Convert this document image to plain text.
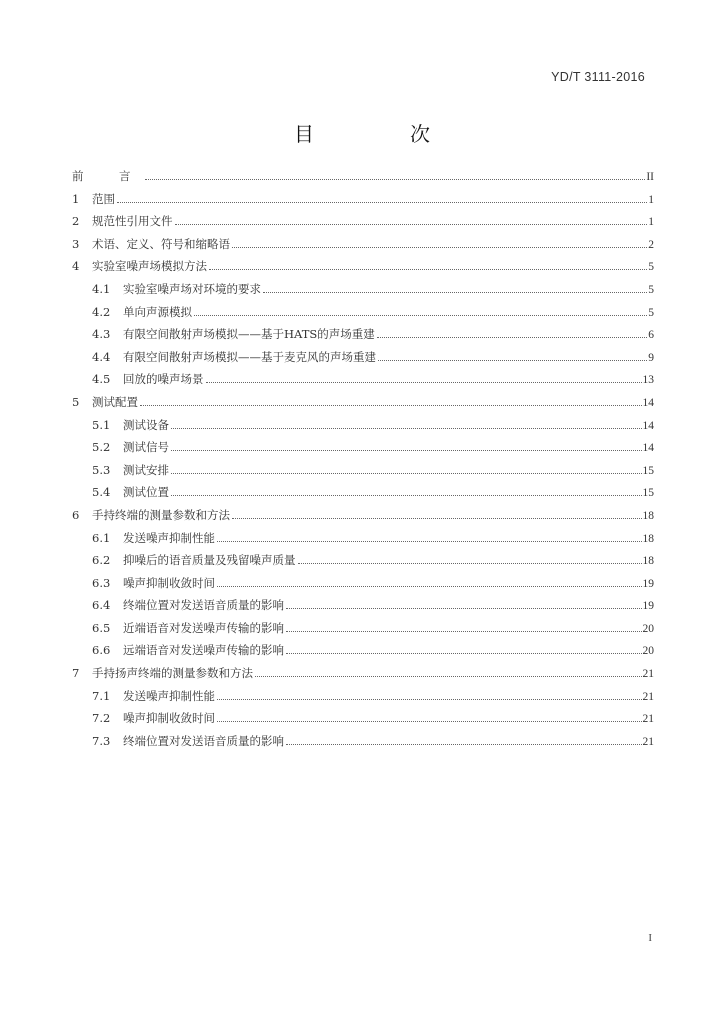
YD/T 3111-2016
目　次
前　言	II
1	范围	1
2	规范性引用文件	1
3	术语、定义、符号和缩略语	2
4	实验室噪声场模拟方法	5
4.1	实验室噪声场对环境的要求	5
4.2	单向声源模拟	5
4.3	有限空间散射声场模拟——基于HATS的声场重建	6
4.4	有限空间散射声场模拟——基于麦克风的声场重建	9
4.5	回放的噪声场景	13
5	测试配置	14
5.1	测试设备	14
5.2	测试信号	14
5.3	测试安排	15
5.4	测试位置	15
6	手持终端的测量参数和方法	18
6.1	发送噪声抑制性能	18
6.2	抑噪后的语音质量及残留噪声质量	18
6.3	噪声抑制收敛时间	19
6.4	终端位置对发送语音质量的影响	19
6.5	近端语音对发送噪声传输的影响	20
6.6	远端语音对发送噪声传输的影响	20
7	手持扬声终端的测量参数和方法	21
7.1	发送噪声抑制性能	21
7.2	噪声抑制收敛时间	21
7.3	终端位置对发送语音质量的影响	21
I
